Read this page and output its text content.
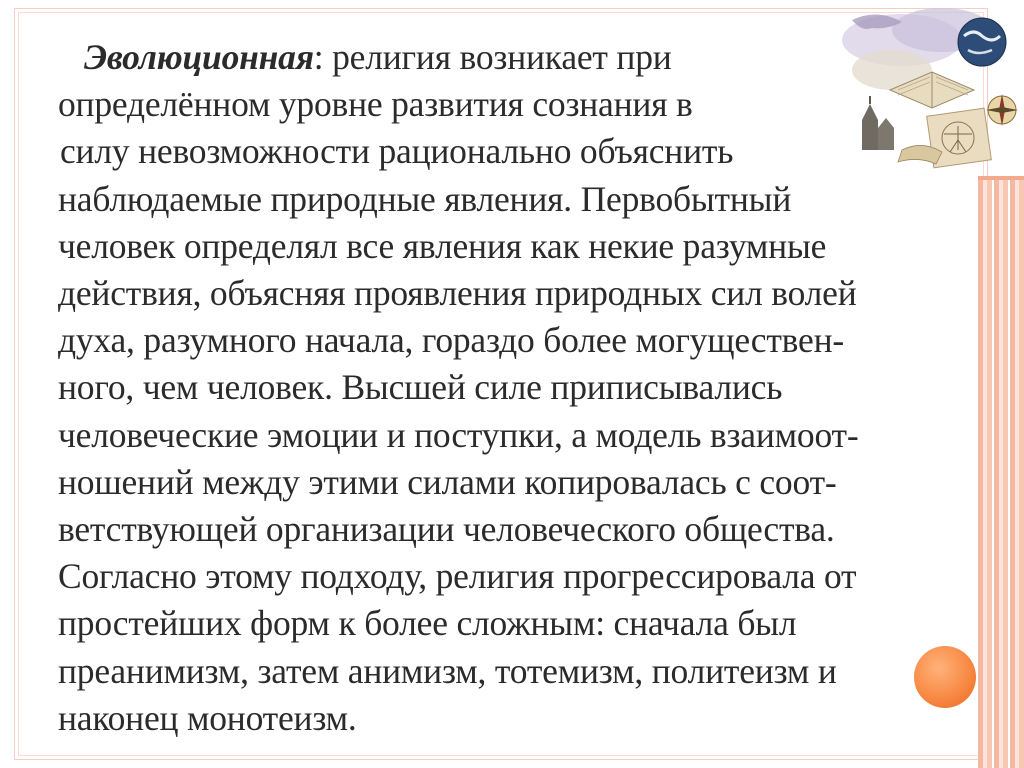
Эволюционная: религия возникает при
определённом уровне развития сознания в
силу невозможности рационально объяснить
наблюдаемые природные явления. Первобытный
человек определял все явления как некие разумные
действия, объясняя проявления природных сил волей
духа, разумного начала, гораздо более могуществен-
ного, чем человек. Высшей силе приписывались
человеческие эмоции и поступки, а модель взаимоот-
ношений между этими силами копировалась с соот-
ветствующей организации человеческого общества.
Согласно этому подходу, религия прогрессировала от
простейших форм к более сложным: сначала был
преанимизм, затем анимизм, тотемизм, политеизм и
наконец монотеизм.
